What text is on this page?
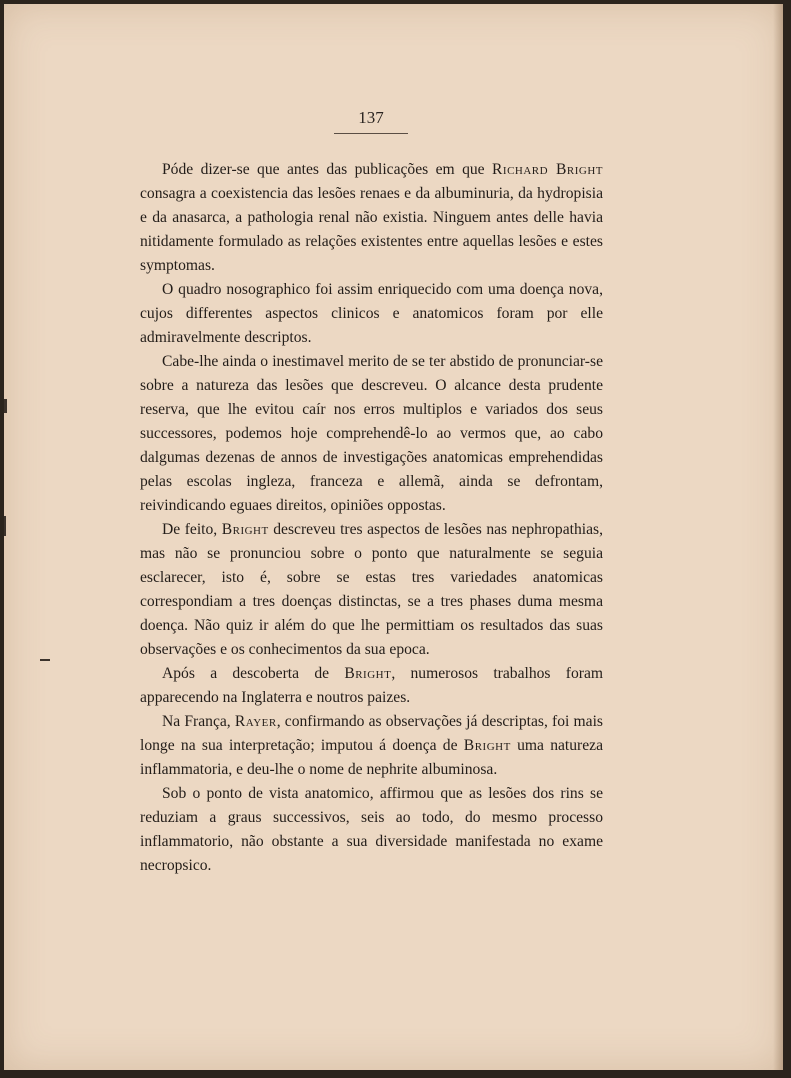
137

Póde dizer-se que antes das publicações em que Richard Bright consagra a coexistencia das lesões renaes e da albuminuria, da hydropisia e da anasarca, a pathologia renal não existia. Ninguem antes delle havia nitidamente formulado as relações existentes entre aquellas lesões e estes symptomas.

O quadro nosographico foi assim enriquecido com uma doença nova, cujos differentes aspectos clinicos e anatomicos foram por elle admiravelmente descriptos.

Cabe-lhe ainda o inestimavel merito de se ter abstido de pronunciar-se sobre a natureza das lesões que descreveu. O alcance desta prudente reserva, que lhe evitou caír nos erros multiplos e variados dos seus successores, podemos hoje comprehendê-lo ao vermos que, ao cabo dalgumas dezenas de annos de investigações anatomicas emprehendidas pelas escolas ingleza, franceza e allemã, ainda se defrontam, reivindicando eguaes direitos, opiniões oppostas.

De feito, Bright descreveu tres aspectos de lesões nas nephropathias, mas não se pronunciou sobre o ponto que naturalmente se seguia esclarecer, isto é, sobre se estas tres variedades anatomicas correspondiam a tres doenças distinctas, se a tres phases duma mesma doença. Não quiz ir além do que lhe permittiam os resultados das suas observações e os conhecimentos da sua epoca.

Após a descoberta de Bright, numerosos trabalhos foram apparecendo na Inglaterra e noutros paizes.

Na França, Rayer, confirmando as observações já descriptas, foi mais longe na sua interpretação; imputou á doença de Bright uma natureza inflammatoria, e deu-lhe o nome de nephrite albuminosa.

Sob o ponto de vista anatomico, affirmou que as lesões dos rins se reduziam a graus successivos, seis ao todo, do mesmo processo inflammatorio, não obstante a sua diversidade manifestada no exame necropsico.
